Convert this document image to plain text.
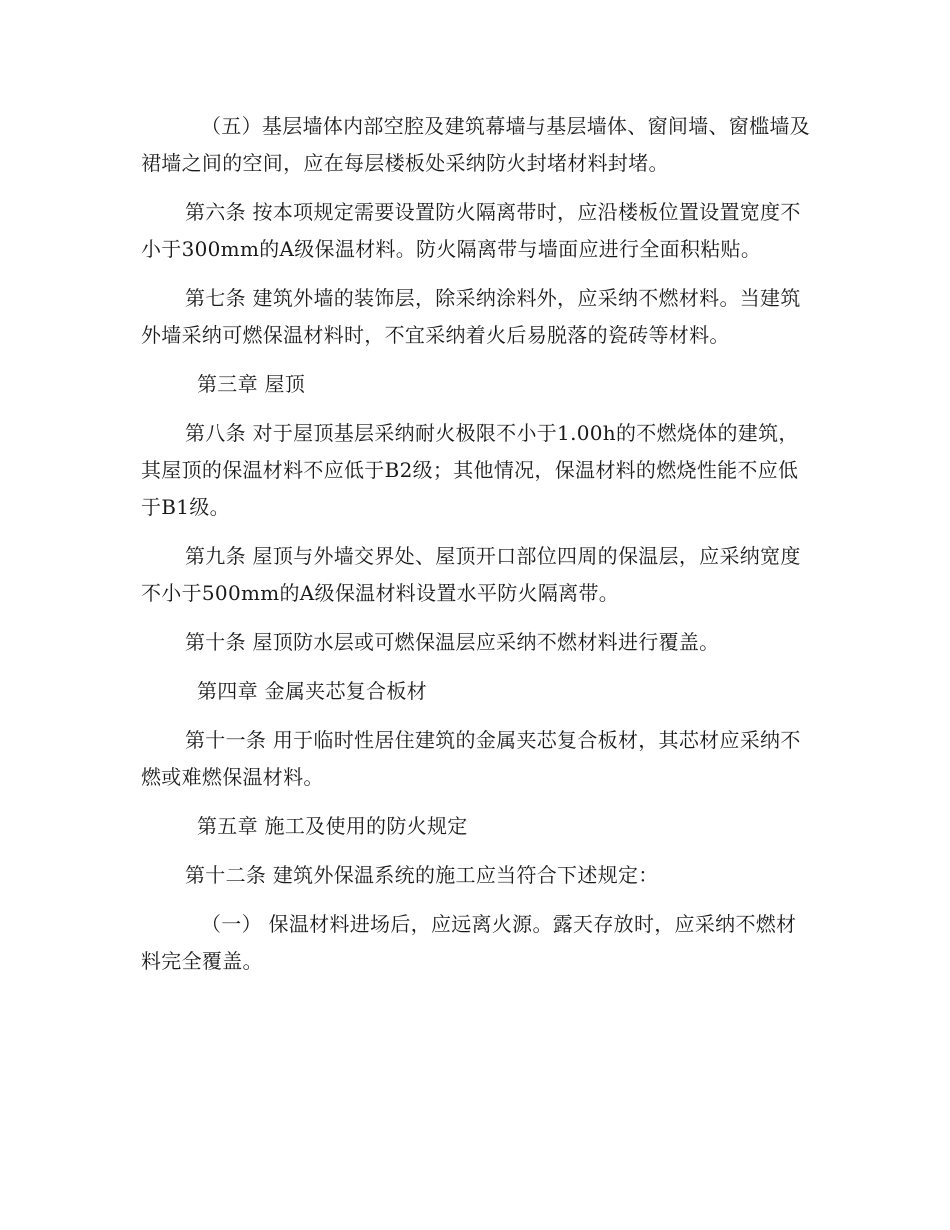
（五）基层墙体内部空腔及建筑幕墙与基层墙体、窗间墙、窗槛墙及裙墙之间的空间，应在每层楼板处采纳防火封堵材料封堵。

第六条 按本项规定需要设置防火隔离带时，应沿楼板位置设置宽度不小于300mm的A级保温材料。防火隔离带与墙面应进行全面积粘贴。

第七条 建筑外墙的装饰层，除采纳涂料外，应采纳不燃材料。当建筑外墙采纳可燃保温材料时，不宜采纳着火后易脱落的瓷砖等材料。

第三章 屋顶

第八条 对于屋顶基层采纳耐火极限不小于1.00h的不燃烧体的建筑，其屋顶的保温材料不应低于B2级；其他情况，保温材料的燃烧性能不应低于B1级。

第九条 屋顶与外墙交界处、屋顶开口部位四周的保温层，应采纳宽度不小于500mm的A级保温材料设置水平防火隔离带。

第十条 屋顶防水层或可燃保温层应采纳不燃材料进行覆盖。

第四章 金属夹芯复合板材

第十一条 用于临时性居住建筑的金属夹芯复合板材，其芯材应采纳不燃或难燃保温材料。

第五章 施工及使用的防火规定

第十二条 建筑外保温系统的施工应当符合下述规定：

（一） 保温材料进场后，应远离火源。露天存放时，应采纳不燃材料完全覆盖。
